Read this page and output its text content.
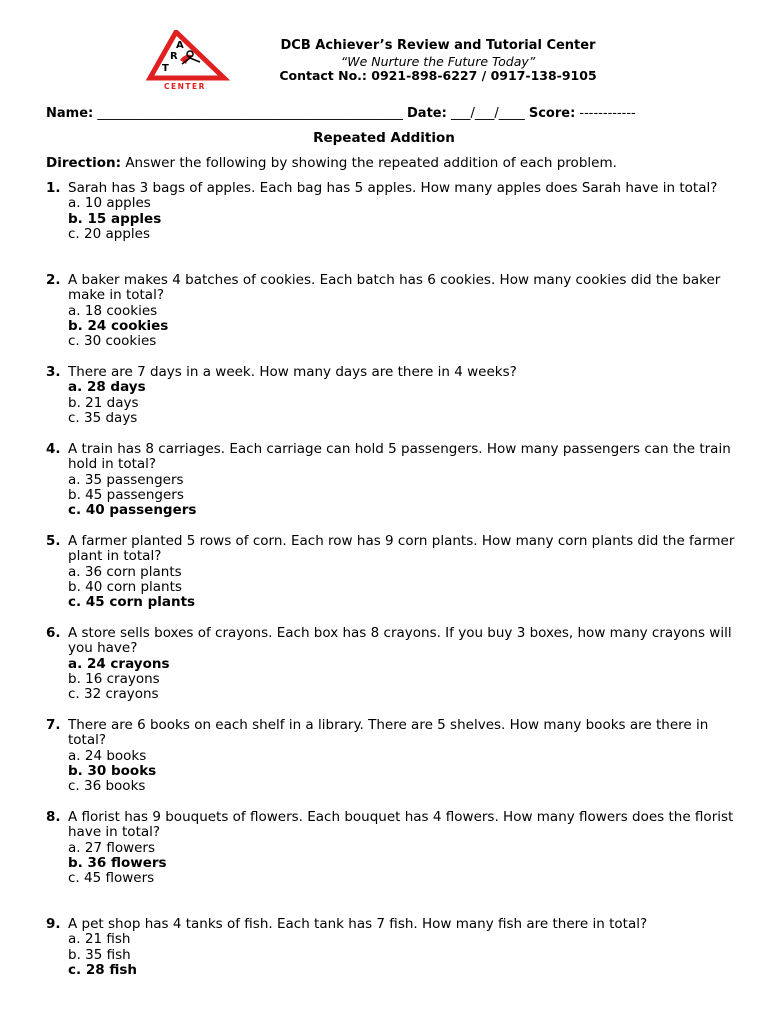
A
R
T
CENTER
DCB Achiever’s Review and Tutorial Center
“We Nurture the Future Today”
Contact No.: 0921-898-6227 / 0917-138-9105
Name: _______________________________________________ Date: ___/___/____ Score: ------------
Repeated Addition
Direction: Answer the following by showing the repeated addition of each problem.
1. Sarah has 3 bags of apples. Each bag has 5 apples. How many apples does Sarah have in total?
a. 10 apples
b. 15 apples
c. 20 apples
2. A baker makes 4 batches of cookies. Each batch has 6 cookies. How many cookies did the baker make in total?
a. 18 cookies
b. 24 cookies
c. 30 cookies
3. There are 7 days in a week. How many days are there in 4 weeks?
a. 28 days
b. 21 days
c. 35 days
4. A train has 8 carriages. Each carriage can hold 5 passengers. How many passengers can the train hold in total?
a. 35 passengers
b. 45 passengers
c. 40 passengers
5. A farmer planted 5 rows of corn. Each row has 9 corn plants. How many corn plants did the farmer plant in total?
a. 36 corn plants
b. 40 corn plants
c. 45 corn plants
6. A store sells boxes of crayons. Each box has 8 crayons. If you buy 3 boxes, how many crayons will you have?
a. 24 crayons
b. 16 crayons
c. 32 crayons
7. There are 6 books on each shelf in a library. There are 5 shelves. How many books are there in total?
a. 24 books
b. 30 books
c. 36 books
8. A florist has 9 bouquets of flowers. Each bouquet has 4 flowers. How many flowers does the florist have in total?
a. 27 flowers
b. 36 flowers
c. 45 flowers
9. A pet shop has 4 tanks of fish. Each tank has 7 fish. How many fish are there in total?
a. 21 fish
b. 35 fish
c. 28 fish
